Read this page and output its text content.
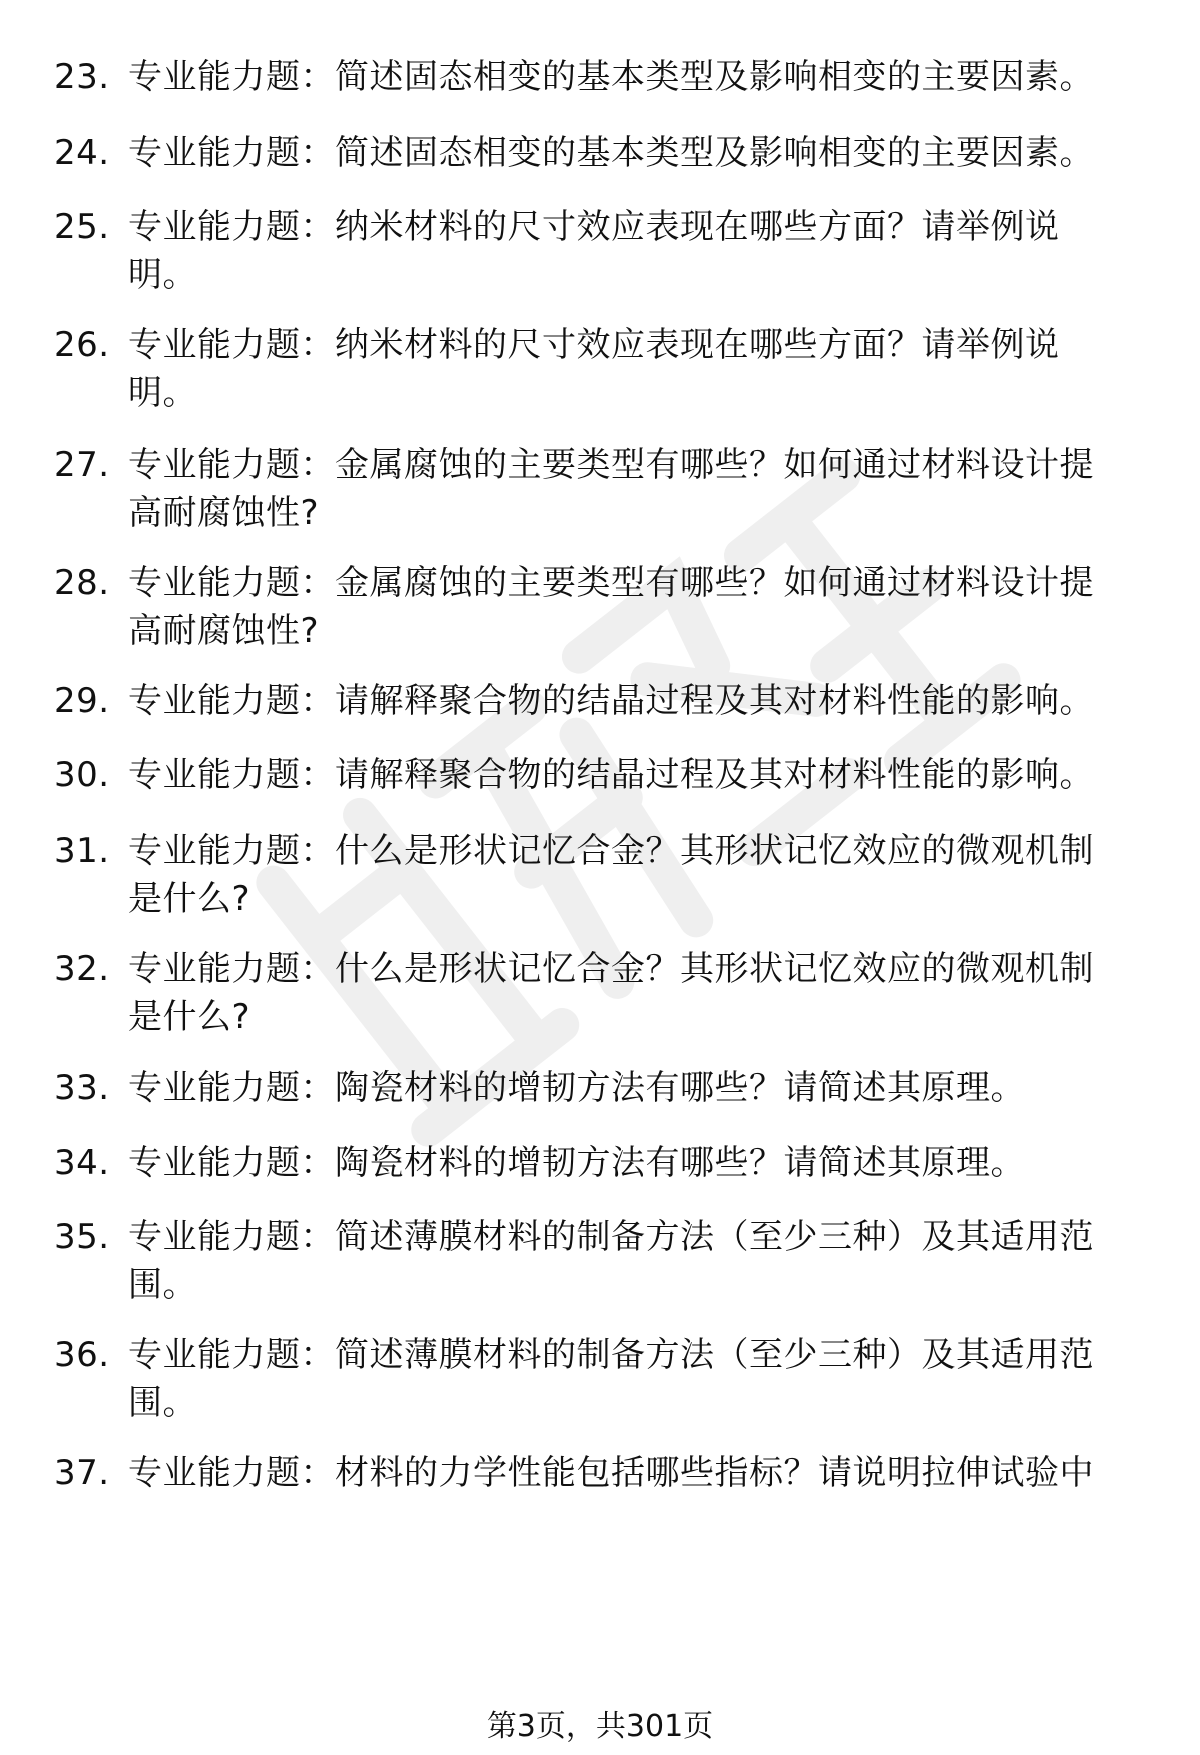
23. 专业能力题：简述固态相变的基本类型及影响相变的主要因素。
24. 专业能力题：简述固态相变的基本类型及影响相变的主要因素。
25. 专业能力题：纳米材料的尺寸效应表现在哪些方面？请举例说
明。
26. 专业能力题：纳米材料的尺寸效应表现在哪些方面？请举例说
明。
27. 专业能力题：金属腐蚀的主要类型有哪些？如何通过材料设计提
高耐腐蚀性?
28. 专业能力题：金属腐蚀的主要类型有哪些？如何通过材料设计提
高耐腐蚀性?
29. 专业能力题：请解释聚合物的结晶过程及其对材料性能的影响。
30. 专业能力题：请解释聚合物的结晶过程及其对材料性能的影响。
31. 专业能力题：什么是形状记忆合金？其形状记忆效应的微观机制
是什么?
32. 专业能力题：什么是形状记忆合金？其形状记忆效应的微观机制
是什么?
33. 专业能力题：陶瓷材料的增韧方法有哪些？请简述其原理。
34. 专业能力题：陶瓷材料的增韧方法有哪些？请简述其原理。
35. 专业能力题：简述薄膜材料的制备方法（至少三种）及其适用范
围。
36. 专业能力题：简述薄膜材料的制备方法（至少三种）及其适用范
围。
37. 专业能力题：材料的力学性能包括哪些指标？请说明拉伸试验中
第3页，共301页
